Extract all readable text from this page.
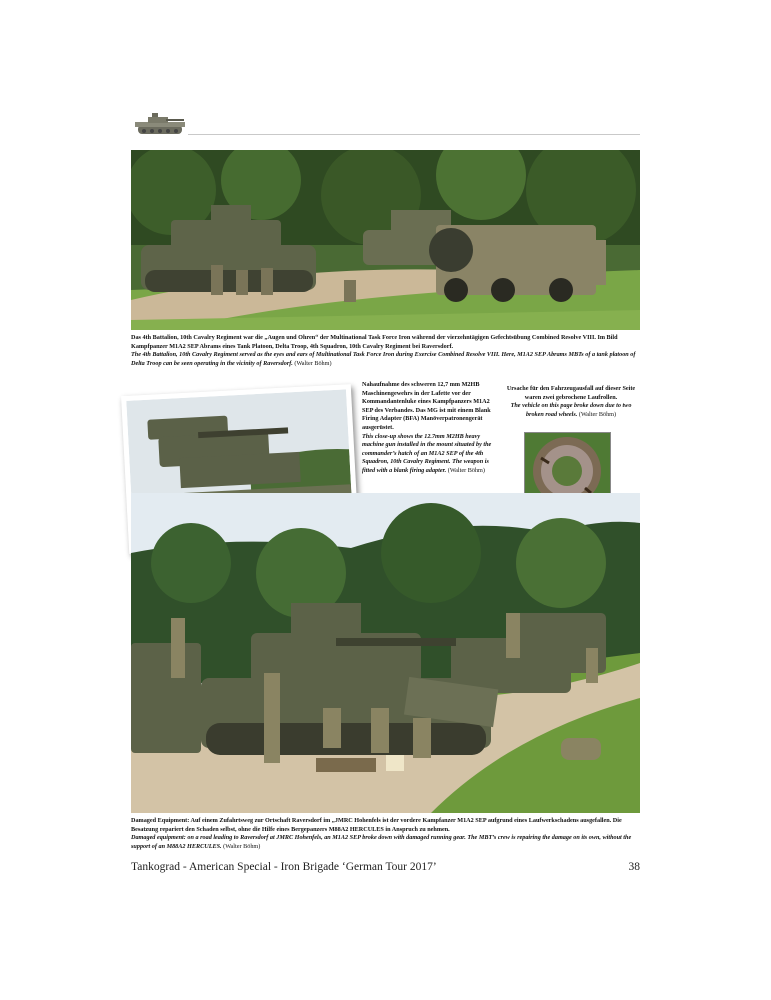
Das 4th Battalion, 10th Cavalry Regiment war die „Augen und Ohren“ der Multinational Task Force Iron während der vierzehntägigen Gefechtsübung Combined Resolve VIII. Im Bild Kampfpanzer M1A2 SEP Abrams eines Tank Platoon, Delta Troop, 4th Squadron, 10th Cavalry Regiment bei Raversdorf.
The 4th Battalion, 10th Cavalry Regiment served as the eyes and ears of Multinational Task Force Iron during Exercise Combined Resolve VIII. Here, M1A2 SEP Abrams MBTs of a tank platoon of Delta Troop can be seen operating in the vicinity of Raversdorf. (Walter Böhm)
Nahaufnahme des schweren 12,7 mm M2HB Maschinengewehrs in der Lafette vor der Kommandantenluke eines Kampfpanzers M1A2 SEP des Verbandes. Das MG ist mit einem Blank Firing Adapter (BFA) Manöverpatronengerät ausgerüstet.
This close-up shows the 12.7mm M2HB heavy machine gun installed in the mount situated by the commander’s hatch of an M1A2 SEP of the 4th Squadron, 10th Cavalry Regiment. The weapon is fitted with a blank firing adapter. (Walter Böhm)
Ursache für den Fahrzeugausfall auf dieser Seite waren zwei gebrochene Laufrollen.
The vehicle on this page broke down due to two broken road wheels. (Walter Böhm)
Damaged Equipment: Auf einem Zufahrtsweg zur Ortschaft Raversdorf im „JMRC Hohenfels ist der vordere Kampfanzer M1A2 SEP aufgrund eines Laufwerkschadens ausgefallen. Die Besatzung repariert den Schaden selbst, ohne die Hilfe eines Bergepanzers M88A2 HERCULES in Anspruch zu nehmen.
Damaged equipment: on a road leading to Raversdorf at JMRC Hohenfels, an M1A2 SEP broke down with damaged running gear. The MBT’s crew is repairing the damage on its own, without the support of an M88A2 HERCULES. (Walter Böhm)
Tankograd - American Special - Iron Brigade ‘German Tour 2017’	38
